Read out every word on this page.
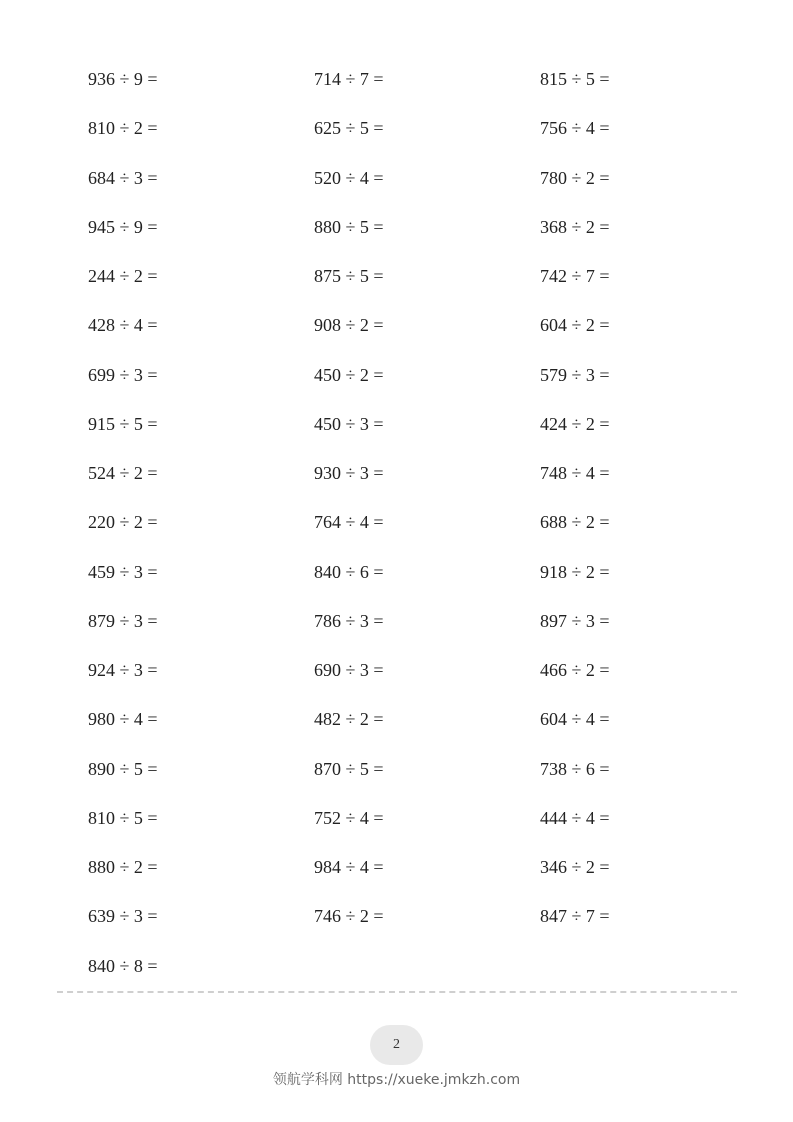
936 ÷ 9 =
810 ÷ 2 =
684 ÷ 3 =
945 ÷ 9 =
244 ÷ 2 =
428 ÷ 4 =
699 ÷ 3 =
915 ÷ 5 =
524 ÷ 2 =
220 ÷ 2 =
459 ÷ 3 =
879 ÷ 3 =
924 ÷ 3 =
980 ÷ 4 =
890 ÷ 5 =
810 ÷ 5 =
880 ÷ 2 =
639 ÷ 3 =
840 ÷ 8 =
714 ÷ 7 =
625 ÷ 5 =
520 ÷ 4 =
880 ÷ 5 =
875 ÷ 5 =
908 ÷ 2 =
450 ÷ 2 =
450 ÷ 3 =
930 ÷ 3 =
764 ÷ 4 =
840 ÷ 6 =
786 ÷ 3 =
690 ÷ 3 =
482 ÷ 2 =
870 ÷ 5 =
752 ÷ 4 =
984 ÷ 4 =
746 ÷ 2 =
815 ÷ 5 =
756 ÷ 4 =
780 ÷ 2 =
368 ÷ 2 =
742 ÷ 7 =
604 ÷ 2 =
579 ÷ 3 =
424 ÷ 2 =
748 ÷ 4 =
688 ÷ 2 =
918 ÷ 2 =
897 ÷ 3 =
466 ÷ 2 =
604 ÷ 4 =
738 ÷ 6 =
444 ÷ 4 =
346 ÷ 2 =
847 ÷ 7 =
2
领航学科网 https://xueke.jmkzh.com
